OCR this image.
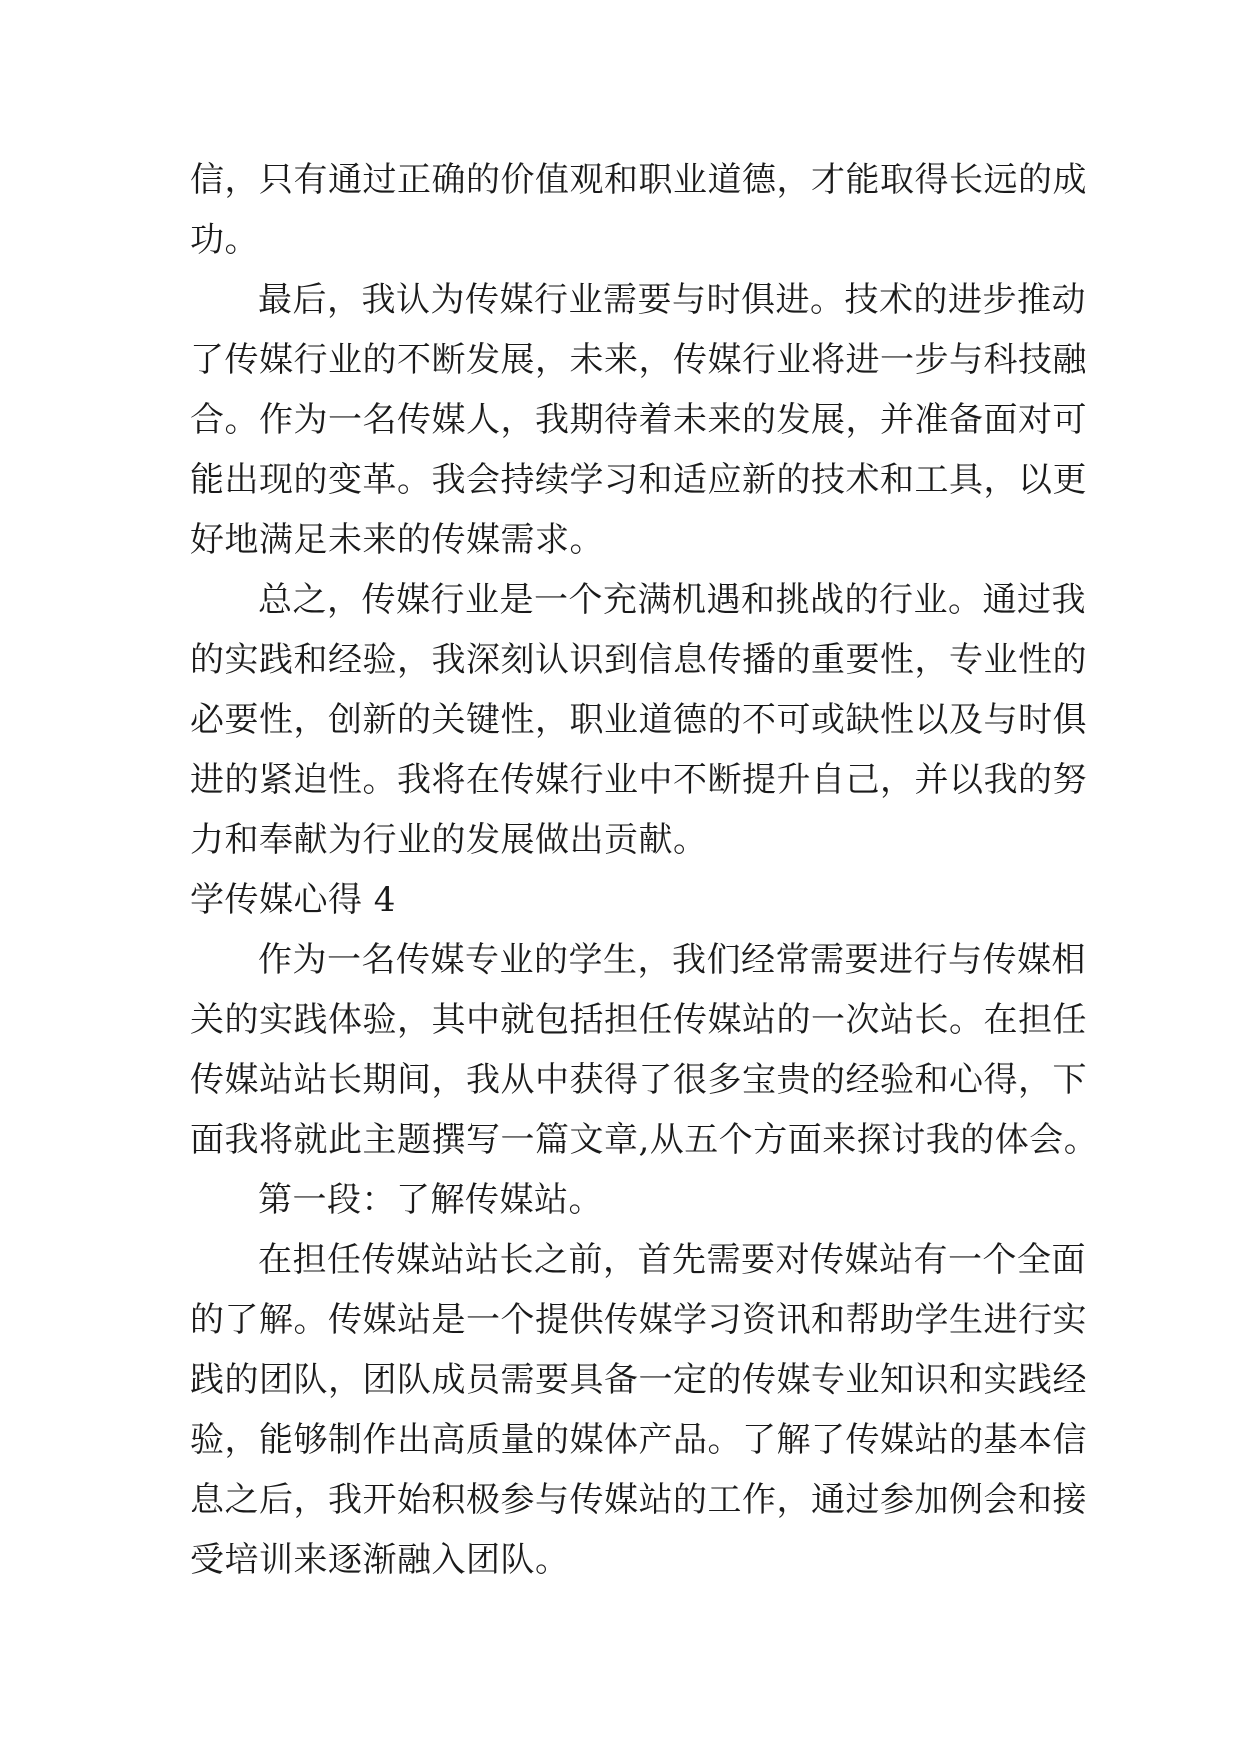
信，只有通过正确的价值观和职业道德，才能取得长远的成
功。
最后，我认为传媒行业需要与时俱进。技术的进步推动
了传媒行业的不断发展，未来，传媒行业将进一步与科技融
合。作为一名传媒人，我期待着未来的发展，并准备面对可
能出现的变革。我会持续学习和适应新的技术和工具，以更
好地满足未来的传媒需求。
总之，传媒行业是一个充满机遇和挑战的行业。通过我
的实践和经验，我深刻认识到信息传播的重要性，专业性的
必要性，创新的关键性，职业道德的不可或缺性以及与时俱
进的紧迫性。我将在传媒行业中不断提升自己，并以我的努
力和奉献为行业的发展做出贡献。
学传媒心得 4
作为一名传媒专业的学生，我们经常需要进行与传媒相
关的实践体验，其中就包括担任传媒站的一次站长。在担任
传媒站站长期间，我从中获得了很多宝贵的经验和心得，下
面我将就此主题撰写一篇文章,从五个方面来探讨我的体会。
第一段：了解传媒站。
在担任传媒站站长之前，首先需要对传媒站有一个全面
的了解。传媒站是一个提供传媒学习资讯和帮助学生进行实
践的团队，团队成员需要具备一定的传媒专业知识和实践经
验，能够制作出高质量的媒体产品。了解了传媒站的基本信
息之后，我开始积极参与传媒站的工作，通过参加例会和接
受培训来逐渐融入团队。
